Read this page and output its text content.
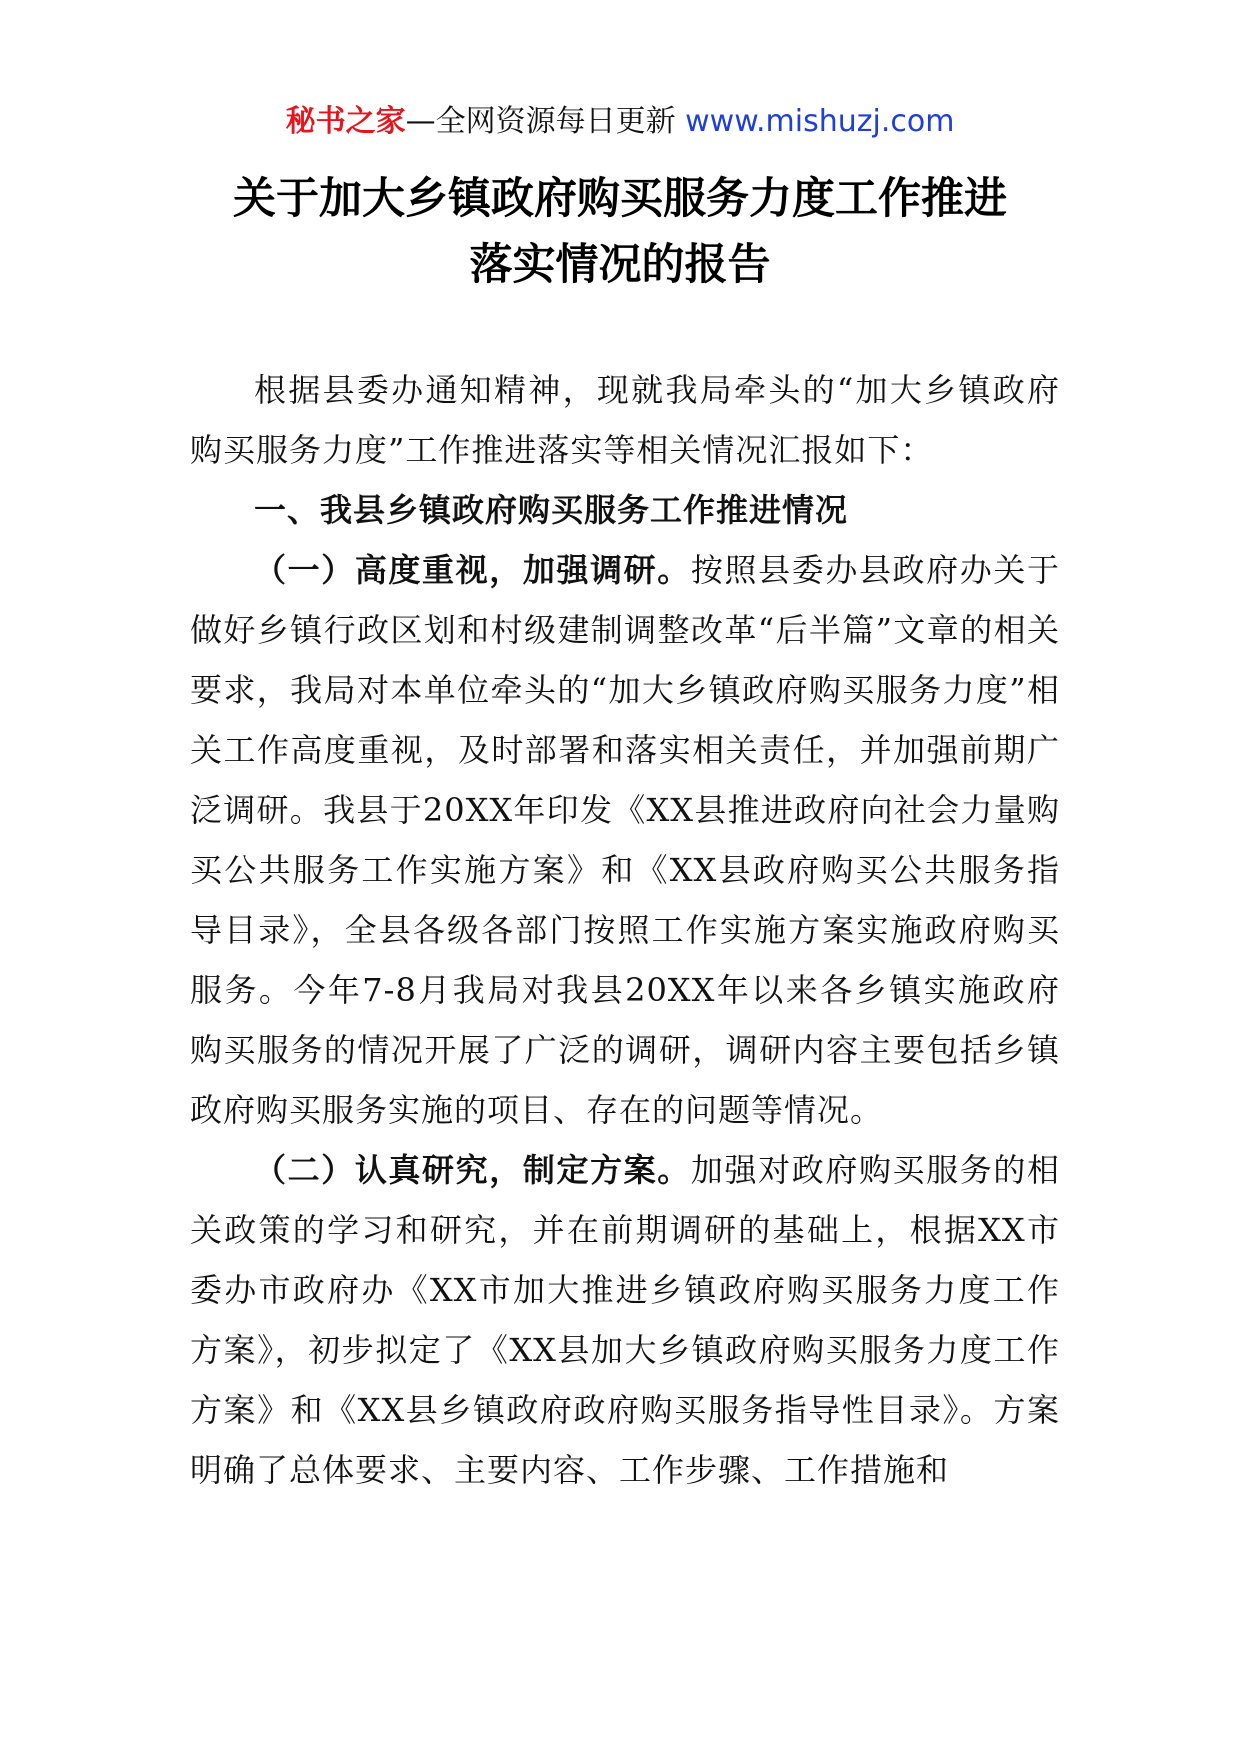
秘书之家—全网资源每日更新 www.mishuzj.com
关于加大乡镇政府购买服务力度工作推进
落实情况的报告

根据县委办通知精神，现就我局牵头的“加大乡镇政府购买服务力度”工作推进落实等相关情况汇报如下：

一、我县乡镇政府购买服务工作推进情况

（一）高度重视，加强调研。按照县委办县政府办关于做好乡镇行政区划和村级建制调整改革“后半篇”文章的相关要求，我局对本单位牵头的“加大乡镇政府购买服务力度”相关工作高度重视，及时部署和落实相关责任，并加强前期广泛调研。我县于20XX年印发《XX县推进政府向社会力量购买公共服务工作实施方案》和《XX县政府购买公共服务指导目录》，全县各级各部门按照工作实施方案实施政府购买服务。今年7-8月我局对我县20XX年以来各乡镇实施政府购买服务的情况开展了广泛的调研，调研内容主要包括乡镇政府购买服务实施的项目、存在的问题等情况。

（二）认真研究，制定方案。加强对政府购买服务的相关政策的学习和研究，并在前期调研的基础上，根据XX市委办市政府办《XX市加大推进乡镇政府购买服务力度工作方案》，初步拟定了《XX县加大乡镇政府购买服务力度工作方案》和《XX县乡镇政府政府购买服务指导性目录》。方案明确了总体要求、主要内容、工作步骤、工作措施和
